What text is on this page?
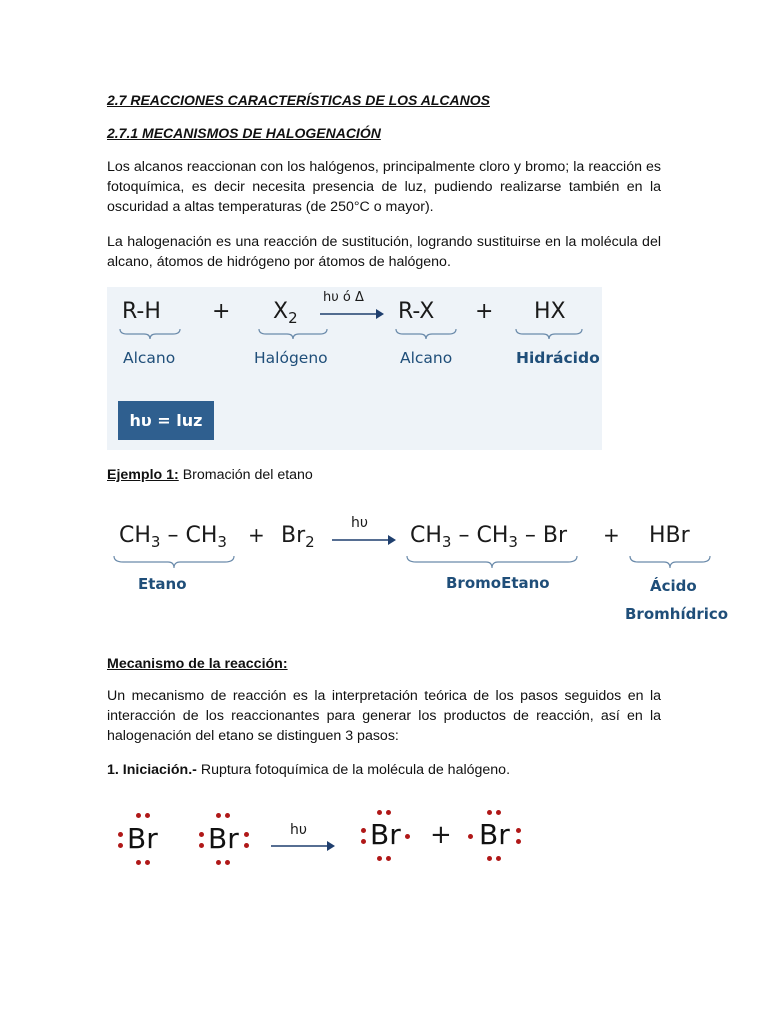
2.7 REACCIONES CARACTERÍSTICAS DE LOS ALCANOS
2.7.1 MECANISMOS DE HALOGENACIÓN

Los alcanos reaccionan con los halógenos, principalmente cloro y bromo; la reacción es fotoquímica, es decir necesita presencia de luz, pudiendo realizarse también en la oscuridad a altas temperaturas (de 250°C o mayor).

La halogenación es una reacción de sustitución, logrando sustituirse en la molécula del alcano, átomos de hidrógeno por átomos de halógeno.

$R-H + X_2$
hυ ó Δ
→ R-X + HX
Alcano	Halógeno	Alcano	Hidrácido
hυ = luz
Ejemplo 1: Bromación del etano
$CH_3 - CH_3 + Br_2$
hυ $CH_3 - CH_3$ – Br + HBr
Etano	BromoEtano	Ácido
Bromhídrico
Mecanismo de la reacción:

Un mecanismo de reacción es la interpretación teórica de los pasos seguidos en la interacción de los reaccionantes para generar los productos de reacción, así en la halogenación del etano se distinguen 3 pasos:

1. Iniciación.- Ruptura fotoquímica de la molécula de halógeno.
Br Br	hυ Br + Br
